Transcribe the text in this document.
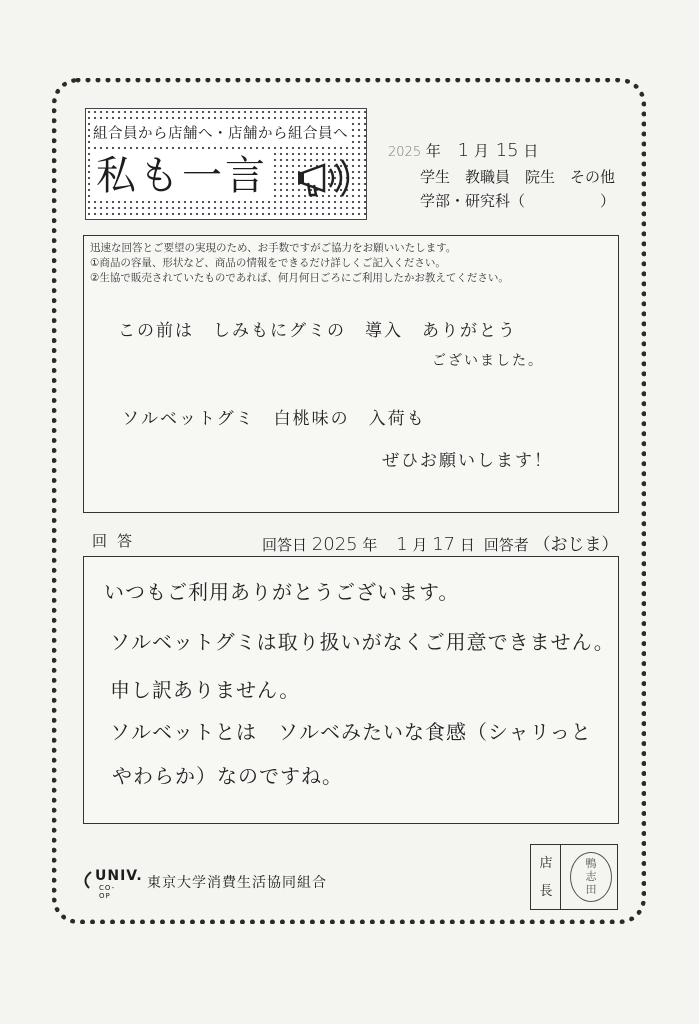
組合員から店舗へ・店舗から組合員へ
私も一言
2025 年 1 月 15 日
学生　教職員　院生　その他
学部・研究科（　　　　　）
迅速な回答とご要望の実現のため、お手数ですがご協力をお願いいたします。
①商品の容量、形状など、商品の情報をできるだけ詳しくご記入ください。
②生協で販売されていたものであれば、何月何日ごろにご利用したかお教えてください。
この前は　しみもにグミの　導入　ありがとう
ございました。
ソルベットグミ　白桃味の　入荷も
ぜひお願いします！
回答	回答日 2025 年 1 月 17 日 回答者 （おじま）
いつもご利用ありがとうございます。
ソルベットグミは取り扱いがなくご用意できません。
申し訳ありません。
ソルベットとは　ソルベみたいな食感（シャリっと
やわらか）なのですね。
UNIV.
CO-OP
東京大学消費生活協同組合
店
長
鴨志田
